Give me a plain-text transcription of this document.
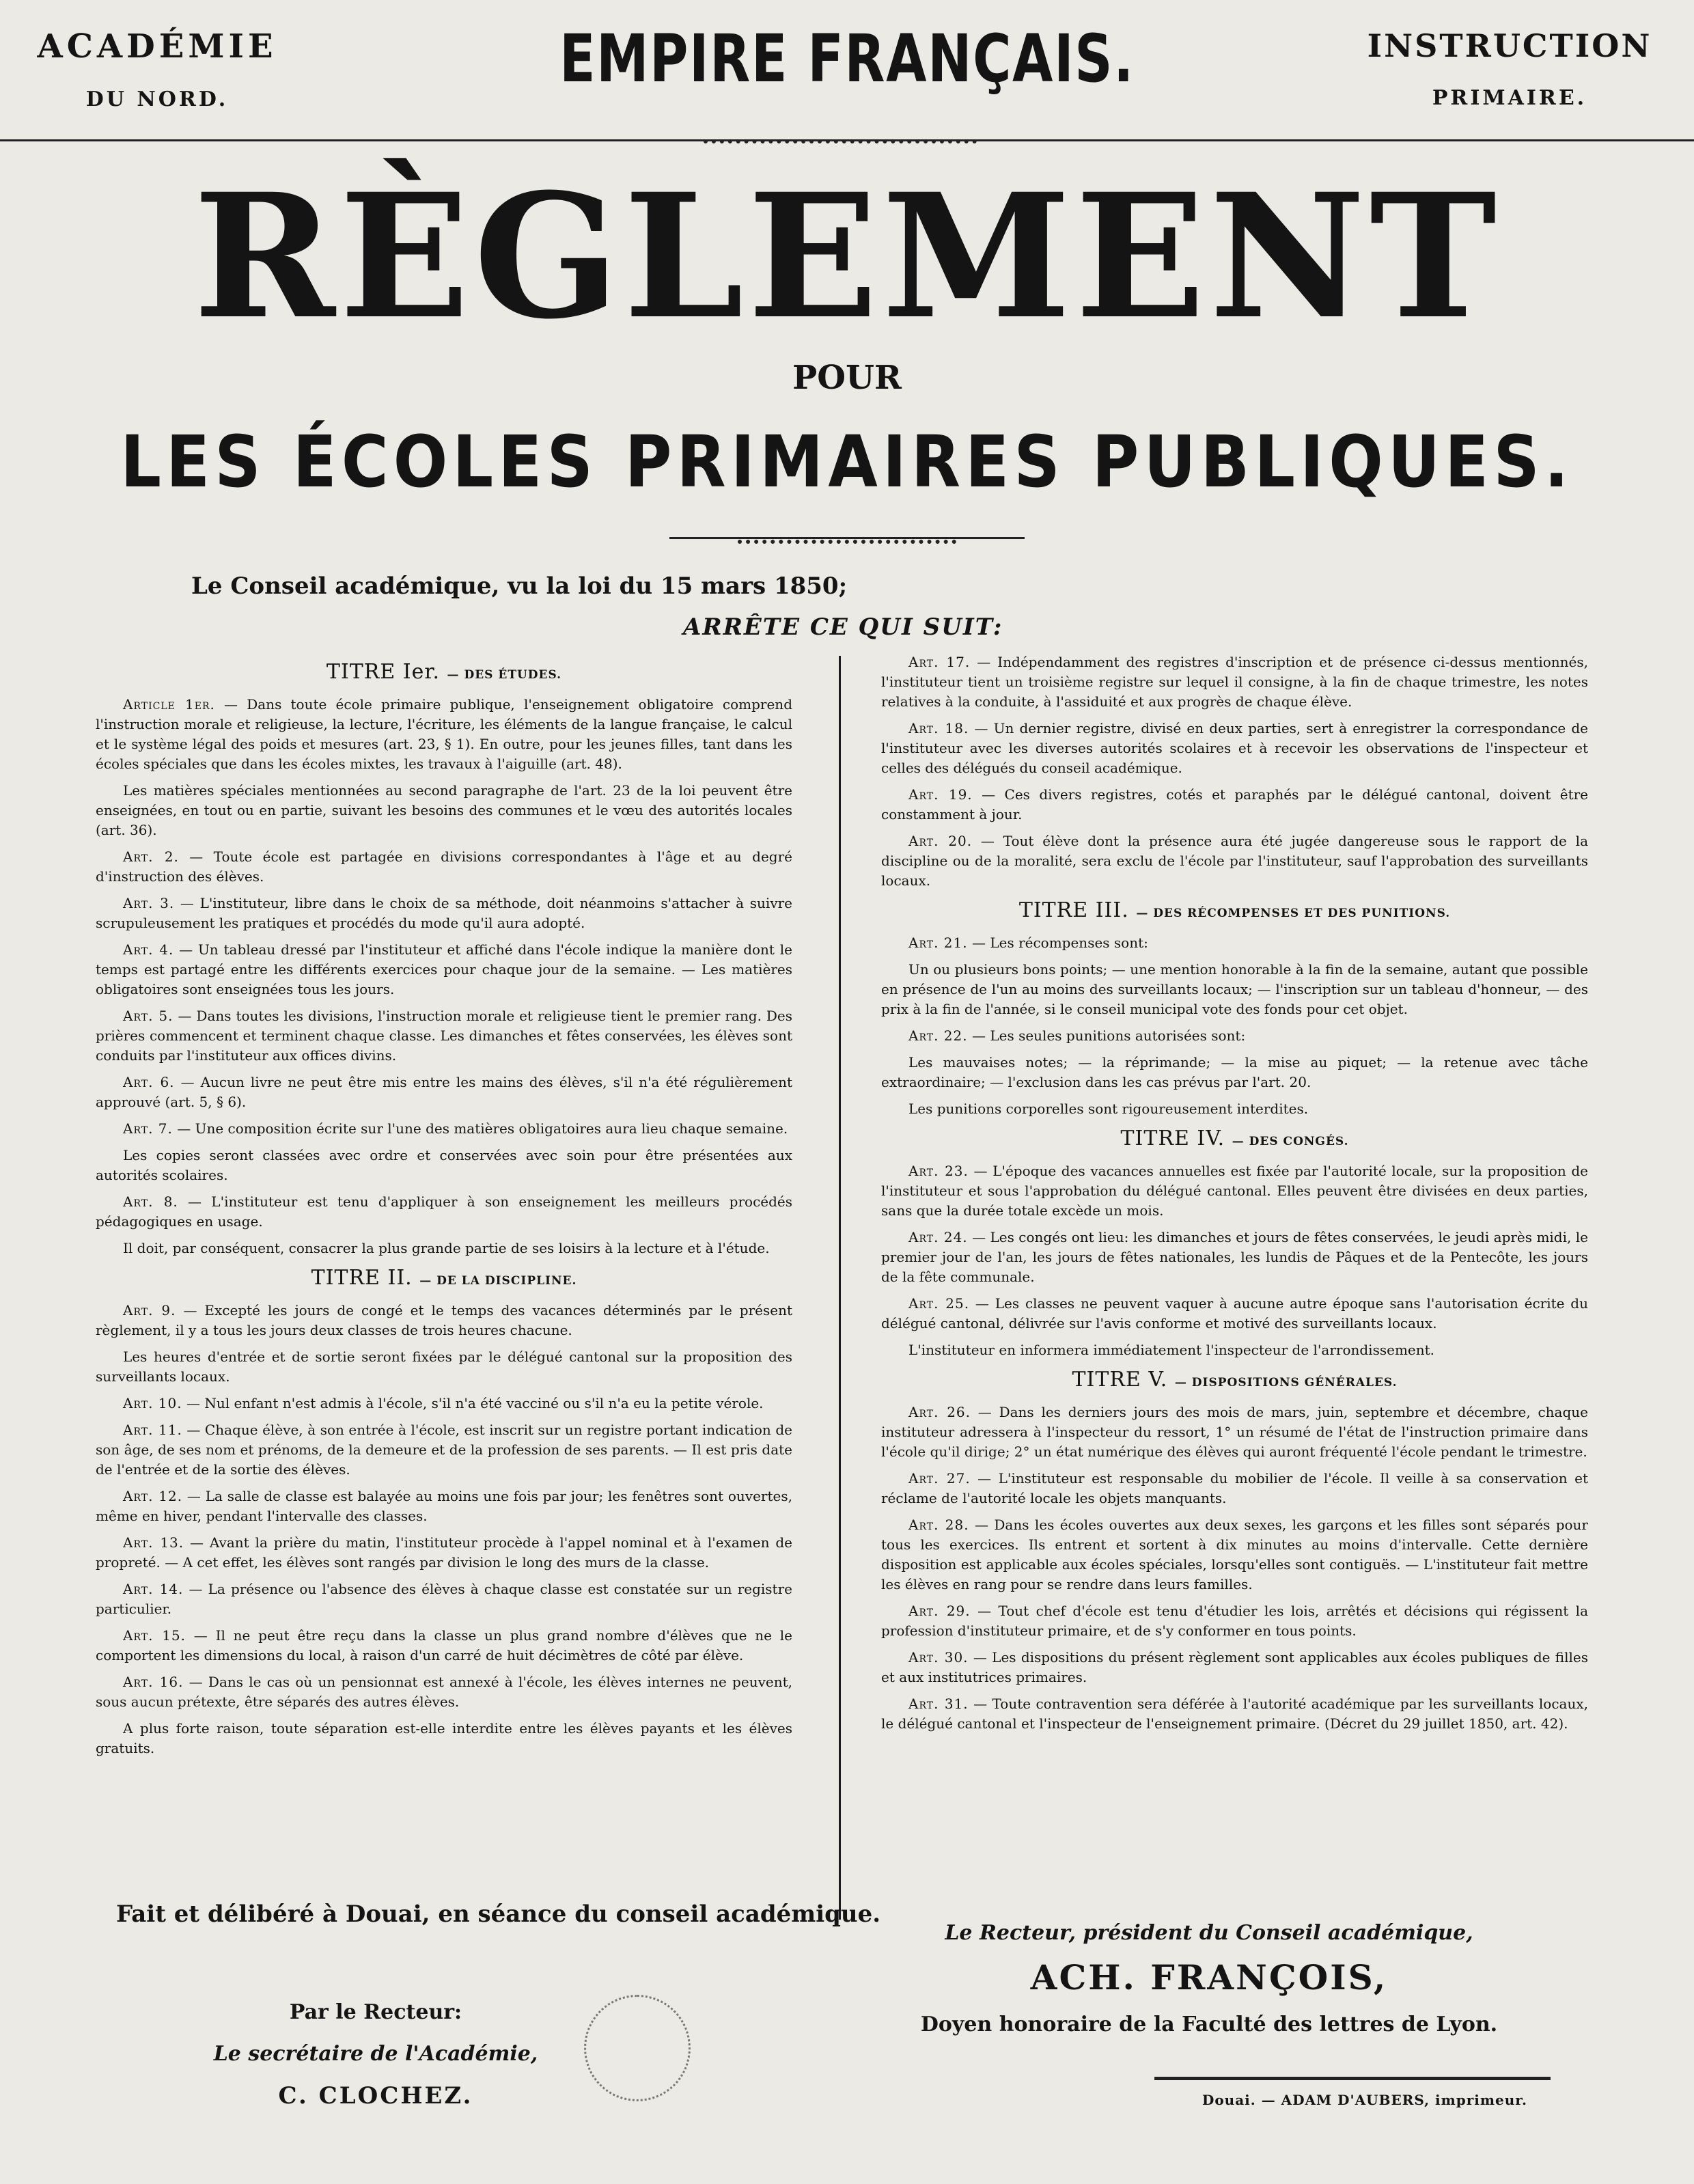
ACADÉMIE
DU NORD.
EMPIRE FRANÇAIS.	INSTRUCTION
PRIMAIRE.
RÈGLEMENT
POUR
LES ÉCOLES PRIMAIRES PUBLIQUES.
Le Conseil académique, vu la loi du 15 mars 1850;
ARRÊTE CE QUI SUIT:
TITRE Ier. — DES ÉTUDES.

Article 1er. — Dans toute école primaire publique, l'enseignement obligatoire comprend l'instruction morale et religieuse, la lecture, l'écriture, les éléments de la langue française, le calcul et le système légal des poids et mesures (art. 23, § 1). En outre, pour les jeunes filles, tant dans les écoles spéciales que dans les écoles mixtes, les travaux à l'aiguille (art. 48).

Les matières spéciales mentionnées au second paragraphe de l'art. 23 de la loi peuvent être enseignées, en tout ou en partie, suivant les besoins des communes et le vœu des autorités locales (art. 36).

Art. 2. — Toute école est partagée en divisions correspondantes à l'âge et au degré d'instruction des élèves.

Art. 3. — L'instituteur, libre dans le choix de sa méthode, doit néanmoins s'attacher à suivre scrupuleusement les pratiques et procédés du mode qu'il aura adopté.

Art. 4. — Un tableau dressé par l'instituteur et affiché dans l'école indique la manière dont le temps est partagé entre les différents exercices pour chaque jour de la semaine. — Les matières obligatoires sont enseignées tous les jours.

Art. 5. — Dans toutes les divisions, l'instruction morale et religieuse tient le premier rang. Des prières commencent et terminent chaque classe. Les dimanches et fêtes conservées, les élèves sont conduits par l'instituteur aux offices divins.

Art. 6. — Aucun livre ne peut être mis entre les mains des élèves, s'il n'a été régulièrement approuvé (art. 5, § 6).

Art. 7. — Une composition écrite sur l'une des matières obligatoires aura lieu chaque semaine.

Les copies seront classées avec ordre et conservées avec soin pour être présentées aux autorités scolaires.

Art. 8. — L'instituteur est tenu d'appliquer à son enseignement les meilleurs procédés pédagogiques en usage.

Il doit, par conséquent, consacrer la plus grande partie de ses loisirs à la lecture et à l'étude.

TITRE II. — DE LA DISCIPLINE.

Art. 9. — Excepté les jours de congé et le temps des vacances déterminés par le présent règlement, il y a tous les jours deux classes de trois heures chacune.

Les heures d'entrée et de sortie seront fixées par le délégué cantonal sur la proposition des surveillants locaux.

Art. 10. — Nul enfant n'est admis à l'école, s'il n'a été vacciné ou s'il n'a eu la petite vérole.

Art. 11. — Chaque élève, à son entrée à l'école, est inscrit sur un registre portant indication de son âge, de ses nom et prénoms, de la demeure et de la profession de ses parents. — Il est pris date de l'entrée et de la sortie des élèves.

Art. 12. — La salle de classe est balayée au moins une fois par jour; les fenêtres sont ouvertes, même en hiver, pendant l'intervalle des classes.

Art. 13. — Avant la prière du matin, l'instituteur procède à l'appel nominal et à l'examen de propreté. — A cet effet, les élèves sont rangés par division le long des murs de la classe.

Art. 14. — La présence ou l'absence des élèves à chaque classe est constatée sur un registre particulier.

Art. 15. — Il ne peut être reçu dans la classe un plus grand nombre d'élèves que ne le comportent les dimensions du local, à raison d'un carré de huit décimètres de côté par élève.

Art. 16. — Dans le cas où un pensionnat est annexé à l'école, les élèves internes ne peuvent, sous aucun prétexte, être séparés des autres élèves.

A plus forte raison, toute séparation est-elle interdite entre les élèves payants et les élèves gratuits.

Art. 17. — Indépendamment des registres d'inscription et de présence ci-dessus mentionnés, l'instituteur tient un troisième registre sur lequel il consigne, à la fin de chaque trimestre, les notes relatives à la conduite, à l'assiduité et aux progrès de chaque élève.

Art. 18. — Un dernier registre, divisé en deux parties, sert à enregistrer la correspondance de l'instituteur avec les diverses autorités scolaires et à recevoir les observations de l'inspecteur et celles des délégués du conseil académique.

Art. 19. — Ces divers registres, cotés et paraphés par le délégué cantonal, doivent être constamment à jour.

Art. 20. — Tout élève dont la présence aura été jugée dangereuse sous le rapport de la discipline ou de la moralité, sera exclu de l'école par l'instituteur, sauf l'approbation des surveillants locaux.

TITRE III. — DES RÉCOMPENSES ET DES PUNITIONS.

Art. 21. — Les récompenses sont:

Un ou plusieurs bons points; — une mention honorable à la fin de la semaine, autant que possible en présence de l'un au moins des surveillants locaux; — l'inscription sur un tableau d'honneur, — des prix à la fin de l'année, si le conseil municipal vote des fonds pour cet objet.

Art. 22. — Les seules punitions autorisées sont:

Les mauvaises notes; — la réprimande; — la mise au piquet; — la retenue avec tâche extraordinaire; — l'exclusion dans les cas prévus par l'art. 20.

Les punitions corporelles sont rigoureusement interdites.

TITRE IV. — DES CONGÉS.

Art. 23. — L'époque des vacances annuelles est fixée par l'autorité locale, sur la proposition de l'instituteur et sous l'approbation du délégué cantonal. Elles peuvent être divisées en deux parties, sans que la durée totale excède un mois.

Art. 24. — Les congés ont lieu: les dimanches et jours de fêtes conservées, le jeudi après midi, le premier jour de l'an, les jours de fêtes nationales, les lundis de Pâques et de la Pentecôte, les jours de la fête communale.

Art. 25. — Les classes ne peuvent vaquer à aucune autre époque sans l'autorisation écrite du délégué cantonal, délivrée sur l'avis conforme et motivé des surveillants locaux.

L'instituteur en informera immédiatement l'inspecteur de l'arrondissement.

TITRE V. — DISPOSITIONS GÉNÉRALES.

Art. 26. — Dans les derniers jours des mois de mars, juin, septembre et décembre, chaque instituteur adressera à l'inspecteur du ressort, 1° un résumé de l'état de l'instruction primaire dans l'école qu'il dirige; 2° un état numérique des élèves qui auront fréquenté l'école pendant le trimestre.

Art. 27. — L'instituteur est responsable du mobilier de l'école. Il veille à sa conservation et réclame de l'autorité locale les objets manquants.

Art. 28. — Dans les écoles ouvertes aux deux sexes, les garçons et les filles sont séparés pour tous les exercices. Ils entrent et sortent à dix minutes au moins d'intervalle. Cette dernière disposition est applicable aux écoles spéciales, lorsqu'elles sont contiguës. — L'instituteur fait mettre les élèves en rang pour se rendre dans leurs familles.

Art. 29. — Tout chef d'école est tenu d'étudier les lois, arrêtés et décisions qui régissent la profession d'instituteur primaire, et de s'y conformer en tous points.

Art. 30. — Les dispositions du présent règlement sont applicables aux écoles publiques de filles et aux institutrices primaires.

Art. 31. — Toute contravention sera déférée à l'autorité académique par les surveillants locaux, le délégué cantonal et l'inspecteur de l'enseignement primaire. (Décret du 29 juillet 1850, art. 42).

Fait et délibéré à Douai, en séance du conseil académique.
Le Recteur, président du Conseil académique,
ACH. FRANÇOIS,
Doyen honoraire de la Faculté des lettres de Lyon.
Par le Recteur:
Le secrétaire de l'Académie,
C. CLOCHEZ.	Douai. — ADAM D'AUBERS, imprimeur.
